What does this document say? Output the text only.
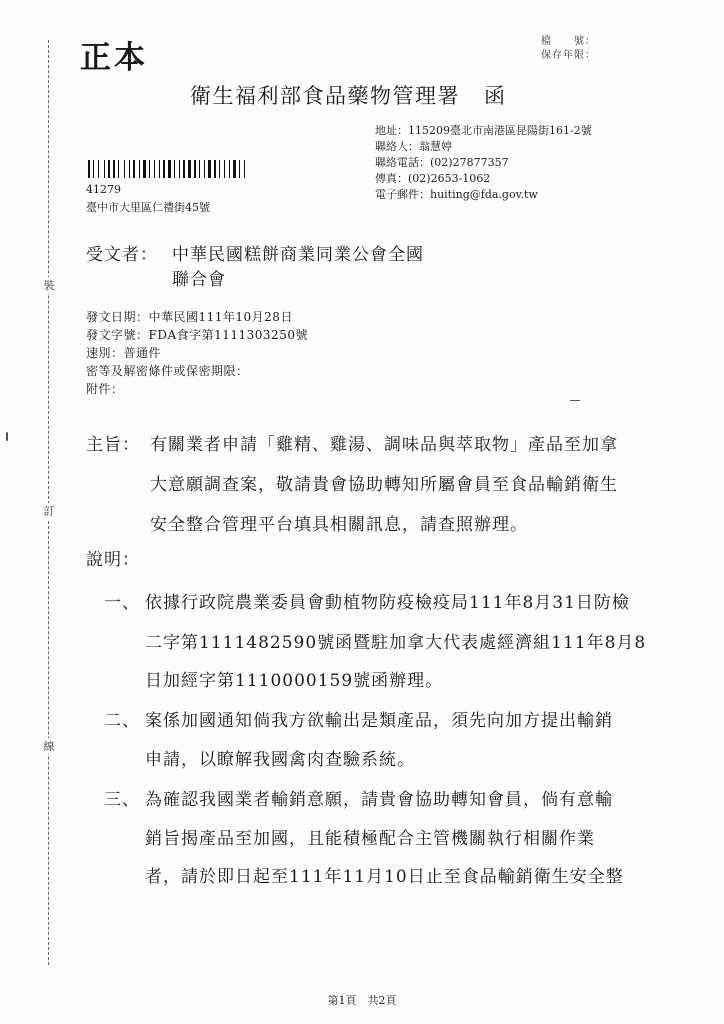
裝
訂
線
正本	檔　　號：
保存年限：
衛生福利部食品藥物管理署 函
地址：115209臺北市南港區昆陽街161-2號
聯絡人：翁慧婷
聯絡電話：(02)27877357
傳真：(02)2653-1062
電子郵件：huiting@fda.gov.tw
41279
臺中市大里區仁禮街45號
受文者： 中華民國糕餅商業同業公會全國
聯合會
發文日期：中華民國111年10月28日
發文字號：FDA食字第1111303250號
速別：普通件
密等及解密條件或保密期限：
附件：
主旨： 有關業者申請「雞精、雞湯、調味品與萃取物」產品至加拿
大意願調查案，敬請貴會協助轉知所屬會員至食品輸銷衛生
安全整合管理平台填具相關訊息，請查照辦理。
說明：
一、 依據行政院農業委員會動植物防疫檢疫局111年8月31日防檢
二字第1111482590號函暨駐加拿大代表處經濟組111年8月8
日加經字第1110000159號函辦理。
二、 案係加國通知倘我方欲輸出是類產品，須先向加方提出輸銷
申請，以瞭解我國禽肉查驗系統。
三、 為確認我國業者輸銷意願，請貴會協助轉知會員，倘有意輸
銷旨揭產品至加國，且能積極配合主管機關執行相關作業
者，請於即日起至111年11月10日止至食品輸銷衛生安全整
第1頁　共2頁
